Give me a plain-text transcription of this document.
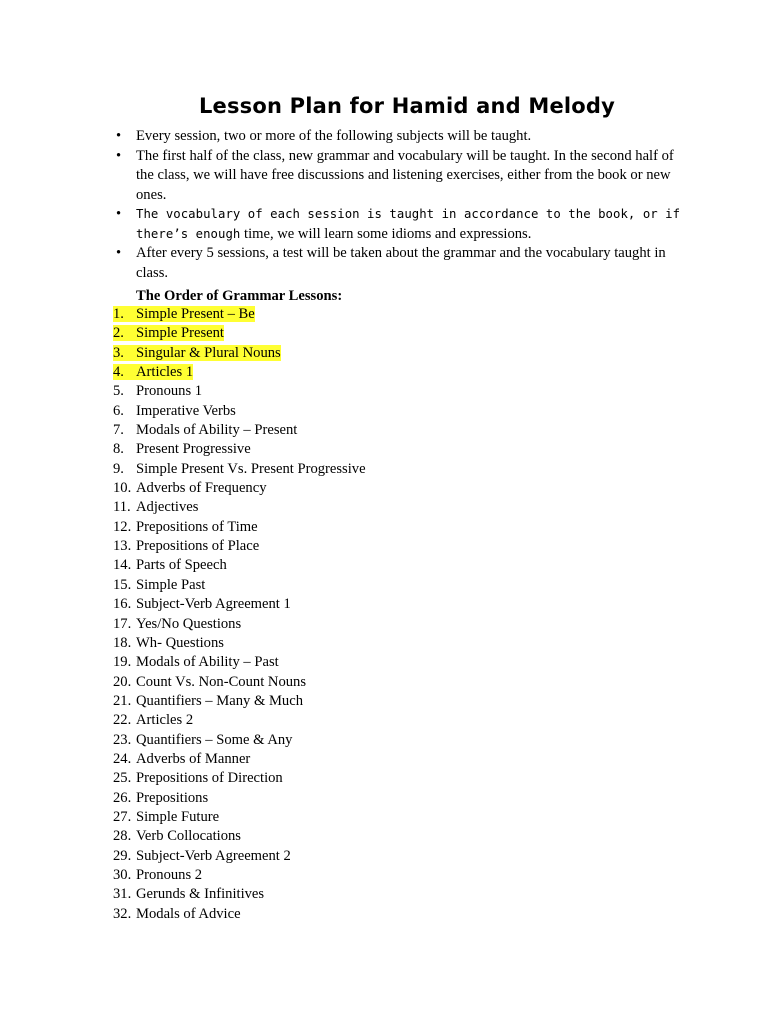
Lesson Plan for Hamid and Melody
• Every session, two or more of the following subjects will be taught.
• The first half of the class, new grammar and vocabulary will be taught. In the second half of the class, we will have free discussions and listening exercises, either from the book or new ones.
• The vocabulary of each session is taught in accordance to the book, or if there’s enough time, we will learn some idioms and expressions.
• After every 5 sessions, a test will be taken about the grammar and the vocabulary taught in class.
The Order of Grammar Lessons:
1. Simple Present – Be
2. Simple Present
3. Singular & Plural Nouns
4. Articles 1
5. Pronouns 1
6. Imperative Verbs
7. Modals of Ability – Present
8. Present Progressive
9. Simple Present Vs. Present Progressive
10. Adverbs of Frequency
11. Adjectives
12. Prepositions of Time
13. Prepositions of Place
14. Parts of Speech
15. Simple Past
16. Subject-Verb Agreement 1
17. Yes/No Questions
18. Wh- Questions
19. Modals of Ability – Past
20. Count Vs. Non-Count Nouns
21. Quantifiers – Many & Much
22. Articles 2
23. Quantifiers – Some & Any
24. Adverbs of Manner
25. Prepositions of Direction
26. Prepositions
27. Simple Future
28. Verb Collocations
29. Subject-Verb Agreement 2
30. Pronouns 2
31. Gerunds & Infinitives
32. Modals of Advice
